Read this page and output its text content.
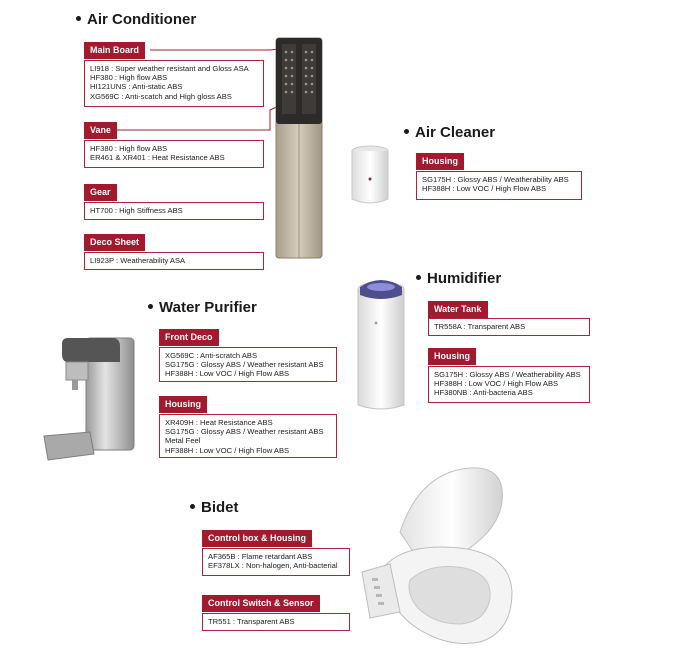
Air Conditioner
Air Cleaner
Humidifier
Water Purifier
Bidet
Main Board
LI918 : Super weather resistant and Gloss ASA
HF380 : High flow ABS
HI121UNS : Anti-static ABS
XG569C : Anti-scatch and High gloss ABS
Vane
HF380 : High flow ABS
ER461 & XR401 : Heat Resistance ABS
Gear
HT700 : High Stiffness ABS
Deco Sheet
LI923P : Weatherability ASA
Housing
SG175H : Glossy ABS / Weatherability ABS
HF388H : Low VOC / High Flow ABS
Water Tank
TR558A : Transparent ABS
Housing
SG175H : Glossy ABS / Weatherability ABS
HF388H : Low VOC / High Flow ABS
HF380NB : Anti-bacteria ABS
Front Deco
XG569C : Anti-scratch ABS
SG175G : Glossy ABS / Weather resistant ABS
HF388H : Low VOC / High Flow ABS
Housing
XR409H : Heat Resistance ABS
SG175G : Glossy ABS / Weather resistant ABS
Metal Feel
HF388H : Low VOC / High Flow ABS
Control box & Housing
AF365B : Flame retardant ABS
EF378LX : Non-halogen, Anti-bacterial
Control Switch & Sensor
TR551 : Transparent ABS
